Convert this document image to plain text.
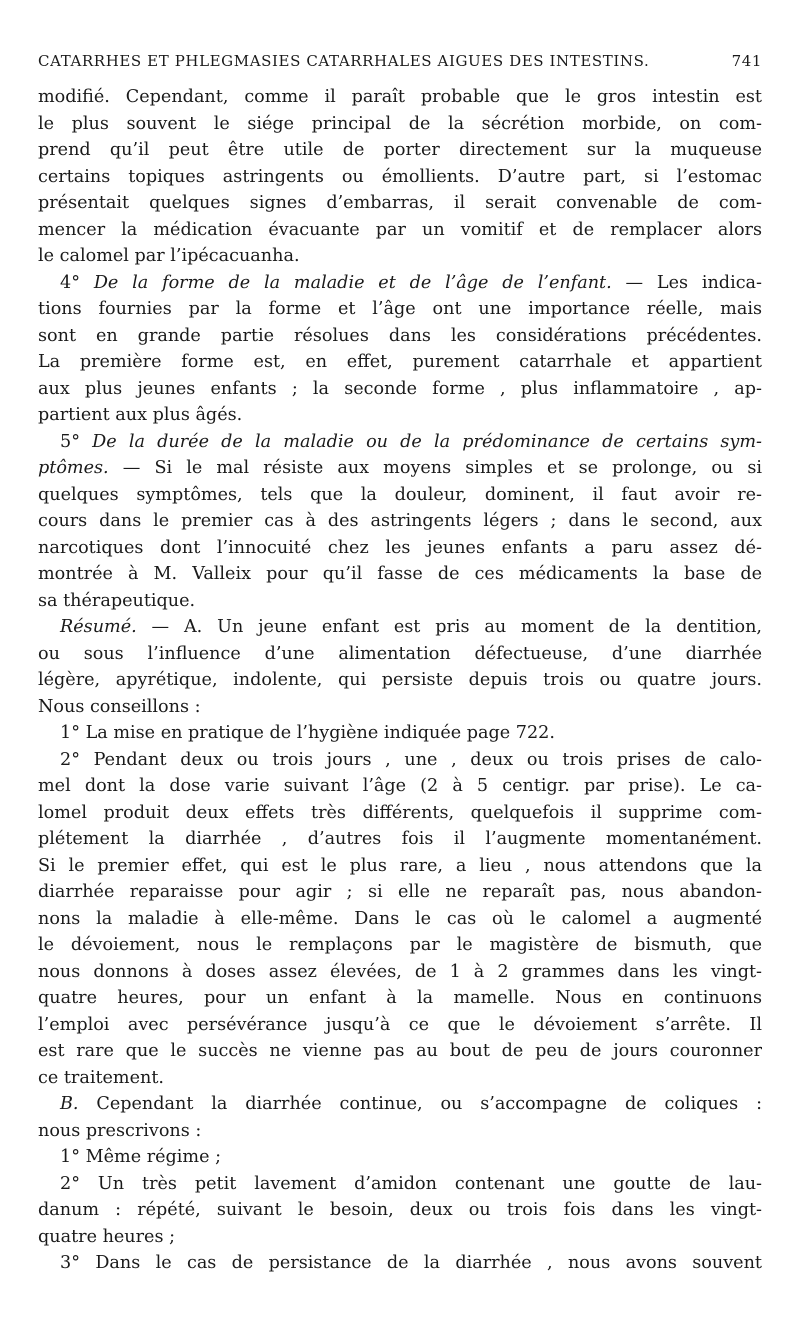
CATARRHES ET PHLEGMASIES CATARRHALES AIGUES DES INTESTINS.	741
modifié. Cependant, comme il paraît probable que le gros intestin est
le plus souvent le siége principal de la sécrétion morbide, on com-
prend qu’il peut être utile de porter directement sur la muqueuse
certains topiques astringents ou émollients. D’autre part, si l’estomac
présentait quelques signes d’embarras, il serait convenable de com-
mencer la médication évacuante par un vomitif et de remplacer alors
le calomel par l’ipécacuanha.
4° De la forme de la maladie et de l’âge de l’enfant. — Les indica-
tions fournies par la forme et l’âge ont une importance réelle, mais
sont en grande partie résolues dans les considérations précédentes.
La première forme est, en effet, purement catarrhale et appartient
aux plus jeunes enfants ; la seconde forme , plus inflammatoire , ap-
partient aux plus âgés.
5° De la durée de la maladie ou de la prédominance de certains sym-
ptômes. — Si le mal résiste aux moyens simples et se prolonge, ou si
quelques symptômes, tels que la douleur, dominent, il faut avoir re-
cours dans le premier cas à des astringents légers ; dans le second, aux
narcotiques dont l’innocuité chez les jeunes enfants a paru assez dé-
montrée à M. Valleix pour qu’il fasse de ces médicaments la base de
sa thérapeutique.
Résumé. — A. Un jeune enfant est pris au moment de la dentition,
ou sous l’influence d’une alimentation défectueuse, d’une diarrhée
légère, apyrétique, indolente, qui persiste depuis trois ou quatre jours.
Nous conseillons :
1° La mise en pratique de l’hygiène indiquée page 722.
2° Pendant deux ou trois jours , une , deux ou trois prises de calo-
mel dont la dose varie suivant l’âge (2 à 5 centigr. par prise). Le ca-
lomel produit deux effets très différents, quelquefois il supprime com-
plétement la diarrhée , d’autres fois il l’augmente momentanément.
Si le premier effet, qui est le plus rare, a lieu , nous attendons que la
diarrhée reparaisse pour agir ; si elle ne reparaît pas, nous abandon-
nons la maladie à elle-même. Dans le cas où le calomel a augmenté
le dévoiement, nous le remplaçons par le magistère de bismuth, que
nous donnons à doses assez élevées, de 1 à 2 grammes dans les vingt-
quatre heures, pour un enfant à la mamelle. Nous en continuons
l’emploi avec persévérance jusqu’à ce que le dévoiement s’arrête. Il
est rare que le succès ne vienne pas au bout de peu de jours couronner
ce traitement.
B. Cependant la diarrhée continue, ou s’accompagne de coliques :
nous prescrivons :
1° Même régime ;
2° Un très petit lavement d’amidon contenant une goutte de lau-
danum : répété, suivant le besoin, deux ou trois fois dans les vingt-
quatre heures ;
3° Dans le cas de persistance de la diarrhée , nous avons souvent
